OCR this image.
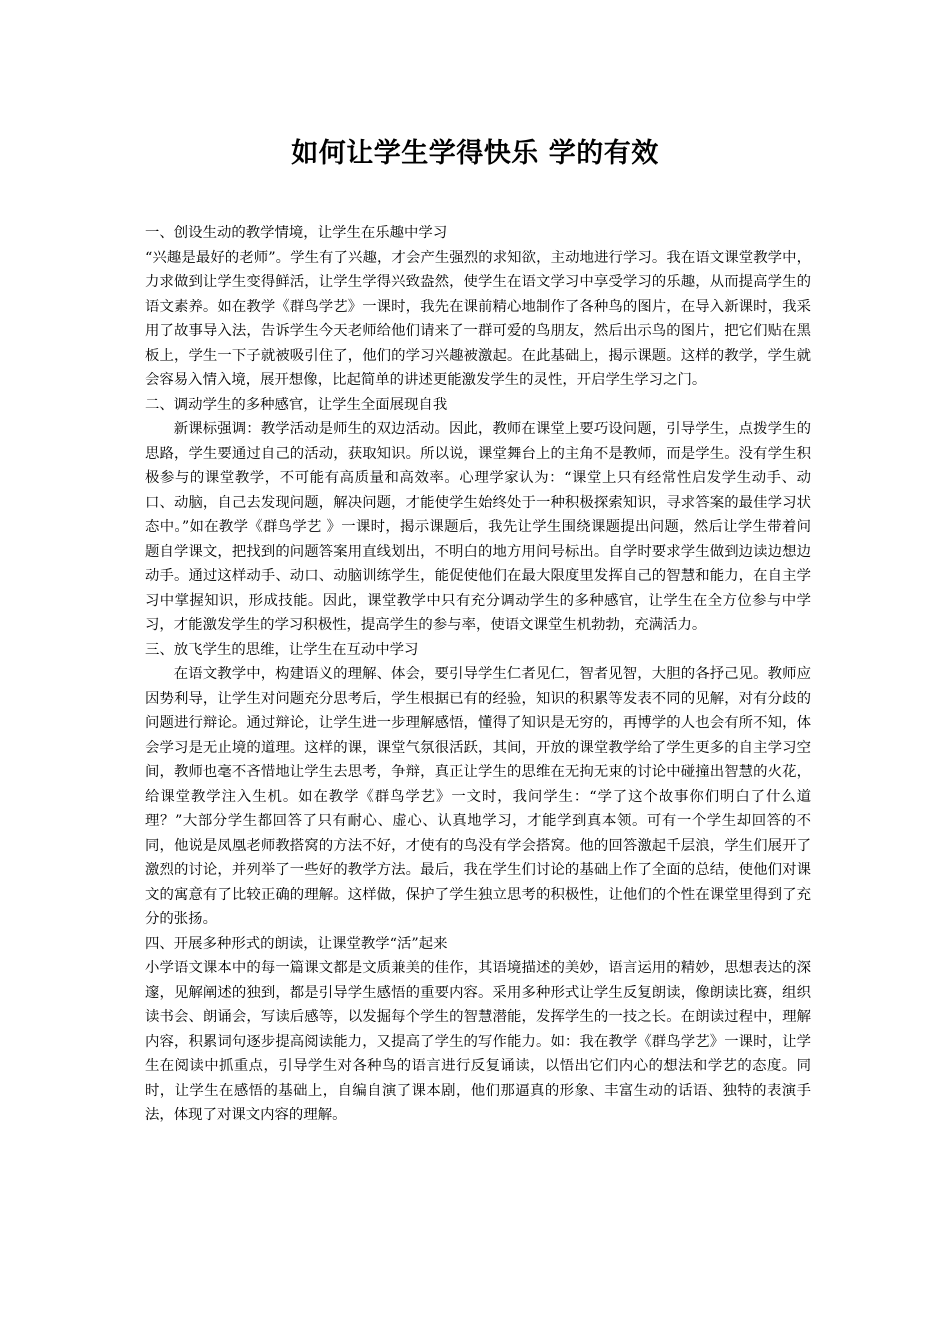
如何让学生学得快乐 学的有效
一、创设生动的教学情境，让学生在乐趣中学习

“兴趣是最好的老师”。学生有了兴趣，才会产生强烈的求知欲，主动地进行学习。我在语文课堂教学中，力求做到让学生变得鲜活，让学生学得兴致盎然，使学生在语文学习中享受学习的乐趣，从而提高学生的语文素养。如在教学《群鸟学艺》一课时，我先在课前精心地制作了各种鸟的图片，在导入新课时，我采用了故事导入法，告诉学生今天老师给他们请来了一群可爱的鸟朋友，然后出示鸟的图片，把它们贴在黑板上，学生一下子就被吸引住了，他们的学习兴趣被激起。在此基础上，揭示课题。这样的教学，学生就会容易入情入境，展开想像，比起简单的讲述更能激发学生的灵性，开启学生学习之门。

二、调动学生的多种感官，让学生全面展现自我

新课标强调：教学活动是师生的双边活动。因此，教师在课堂上要巧设问题，引导学生，点拨学生的思路，学生要通过自己的活动，获取知识。所以说，课堂舞台上的主角不是教师，而是学生。没有学生积极参与的课堂教学，不可能有高质量和高效率。心理学家认为：“课堂上只有经常性启发学生动手、动口、动脑，自己去发现问题，解决问题，才能使学生始终处于一种积极探索知识，寻求答案的最佳学习状态中。”如在教学《群鸟学艺 》一课时，揭示课题后，我先让学生围绕课题提出问题，然后让学生带着问题自学课文，把找到的问题答案用直线划出，不明白的地方用问号标出。自学时要求学生做到边读边想边动手。通过这样动手、动口、动脑训练学生，能促使他们在最大限度里发挥自己的智慧和能力，在自主学习中掌握知识，形成技能。因此，课堂教学中只有充分调动学生的多种感官，让学生在全方位参与中学习，才能激发学生的学习积极性，提高学生的参与率，使语文课堂生机勃勃，充满活力。

三、放飞学生的思维，让学生在互动中学习

在语文教学中，构建语义的理解、体会，要引导学生仁者见仁，智者见智，大胆的各抒己见。教师应因势利导，让学生对问题充分思考后，学生根据已有的经验，知识的积累等发表不同的见解，对有分歧的问题进行辩论。通过辩论，让学生进一步理解感悟，懂得了知识是无穷的，再博学的人也会有所不知，体会学习是无止境的道理。这样的课，课堂气氛很活跃，其间，开放的课堂教学给了学生更多的自主学习空间，教师也毫不吝惜地让学生去思考，争辩，真正让学生的思维在无拘无束的讨论中碰撞出智慧的火花，给课堂教学注入生机。如在教学《群鸟学艺》一文时，我问学生：“学了这个故事你们明白了什么道理？”大部分学生都回答了只有耐心、虚心、认真地学习，才能学到真本领。可有一个学生却回答的不同，他说是凤凰老师教搭窝的方法不好，才使有的鸟没有学会搭窝。他的回答激起千层浪，学生们展开了激烈的讨论，并列举了一些好的教学方法。最后，我在学生们讨论的基础上作了全面的总结，使他们对课文的寓意有了比较正确的理解。这样做，保护了学生独立思考的积极性，让他们的个性在课堂里得到了充分的张扬。

四、开展多种形式的朗读，让课堂教学“活”起来

小学语文课本中的每一篇课文都是文质兼美的佳作，其语境描述的美妙，语言运用的精妙，思想表达的深邃，见解阐述的独到，都是引导学生感悟的重要内容。采用多种形式让学生反复朗读，像朗读比赛，组织读书会、朗诵会，写读后感等，以发掘每个学生的智慧潜能，发挥学生的一技之长。在朗读过程中，理解内容，积累词句逐步提高阅读能力，又提高了学生的写作能力。如：我在教学《群鸟学艺》一课时，让学生在阅读中抓重点，引导学生对各种鸟的语言进行反复诵读，以悟出它们内心的想法和学艺的态度。同时，让学生在感悟的基础上，自编自演了课本剧，他们那逼真的形象、丰富生动的话语、独特的表演手法，体现了对课文内容的理解。
